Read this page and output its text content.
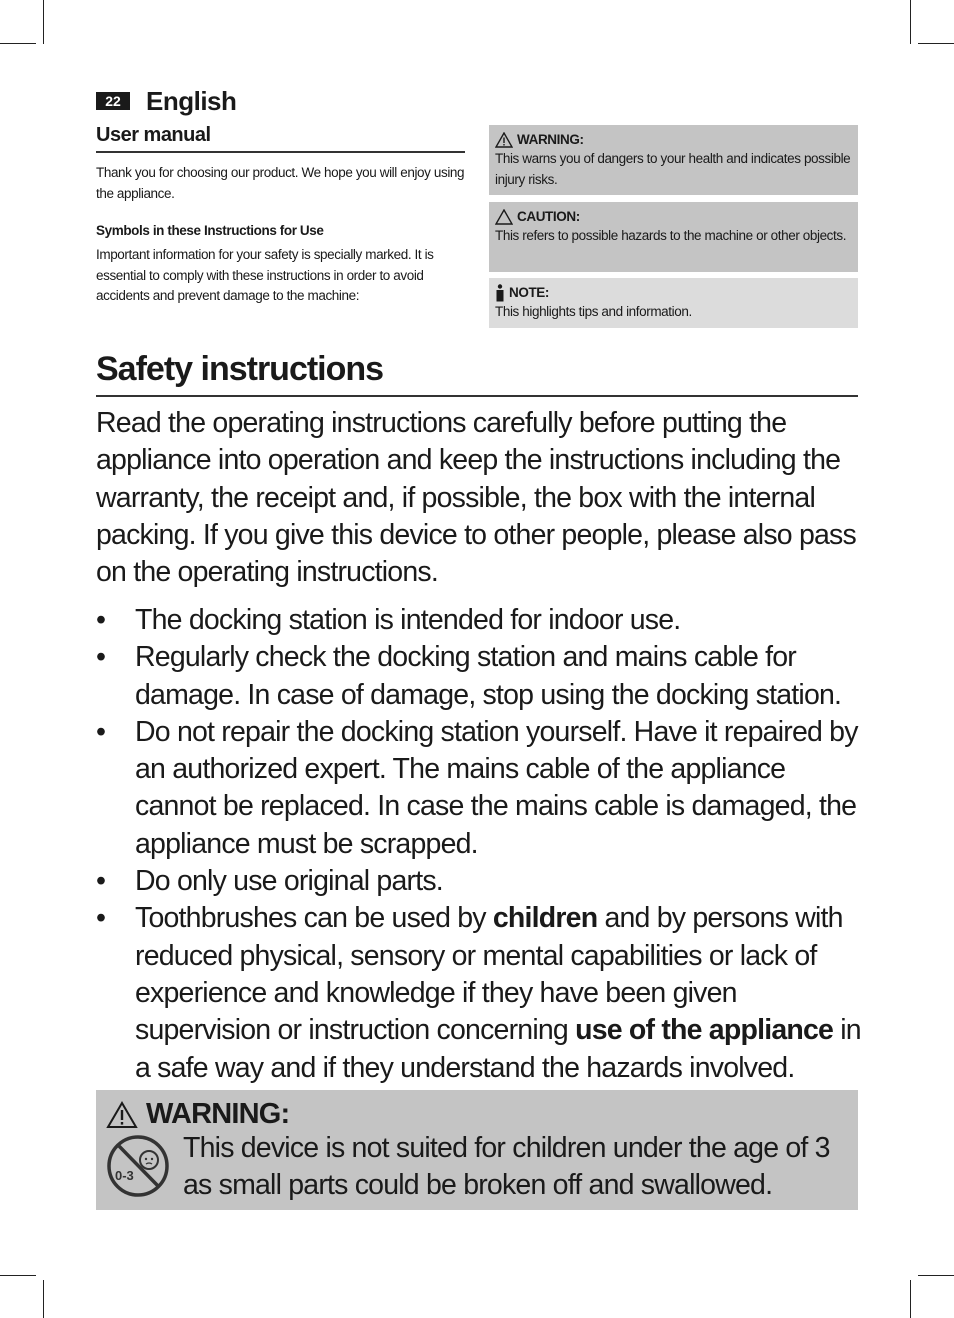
22 English
User manual
Thank you for choosing our product. We hope you will enjoy using the appliance.
Symbols in these Instructions for Use
Important information for your safety is specially marked. It is essential to comply with these instructions in order to avoid accidents and prevent damage to the machine:
WARNING:
This warns you of dangers to your health and indicates possible injury risks.
CAUTION:
This refers to possible hazards to the machine or other objects.
NOTE:
This highlights tips and information.
Safety instructions
Read the operating instructions carefully before putting the appliance into operation and keep the instructions including the warranty, the receipt and, if possible, the box with the internal packing. If you give this device to other people, please also pass on the operating instructions.
• The docking station is intended for indoor use.
• Regularly check the docking station and mains cable for damage. In case of damage, stop using the docking station.
• Do not repair the docking station yourself. Have it repaired by an authorized expert. The mains cable of the appliance cannot be replaced. In case the mains cable is damaged, the appliance must be scrapped.
• Do only use original parts.
• Toothbrushes can be used by children and by persons with reduced physical, sensory or mental capabilities or lack of experience and knowledge if they have been given supervision or instruction concerning use of the appliance in a safe way and if they understand the hazards involved.
WARNING:
0-3
This device is not suited for children under the age of 3 as small parts could be broken off and swallowed.
